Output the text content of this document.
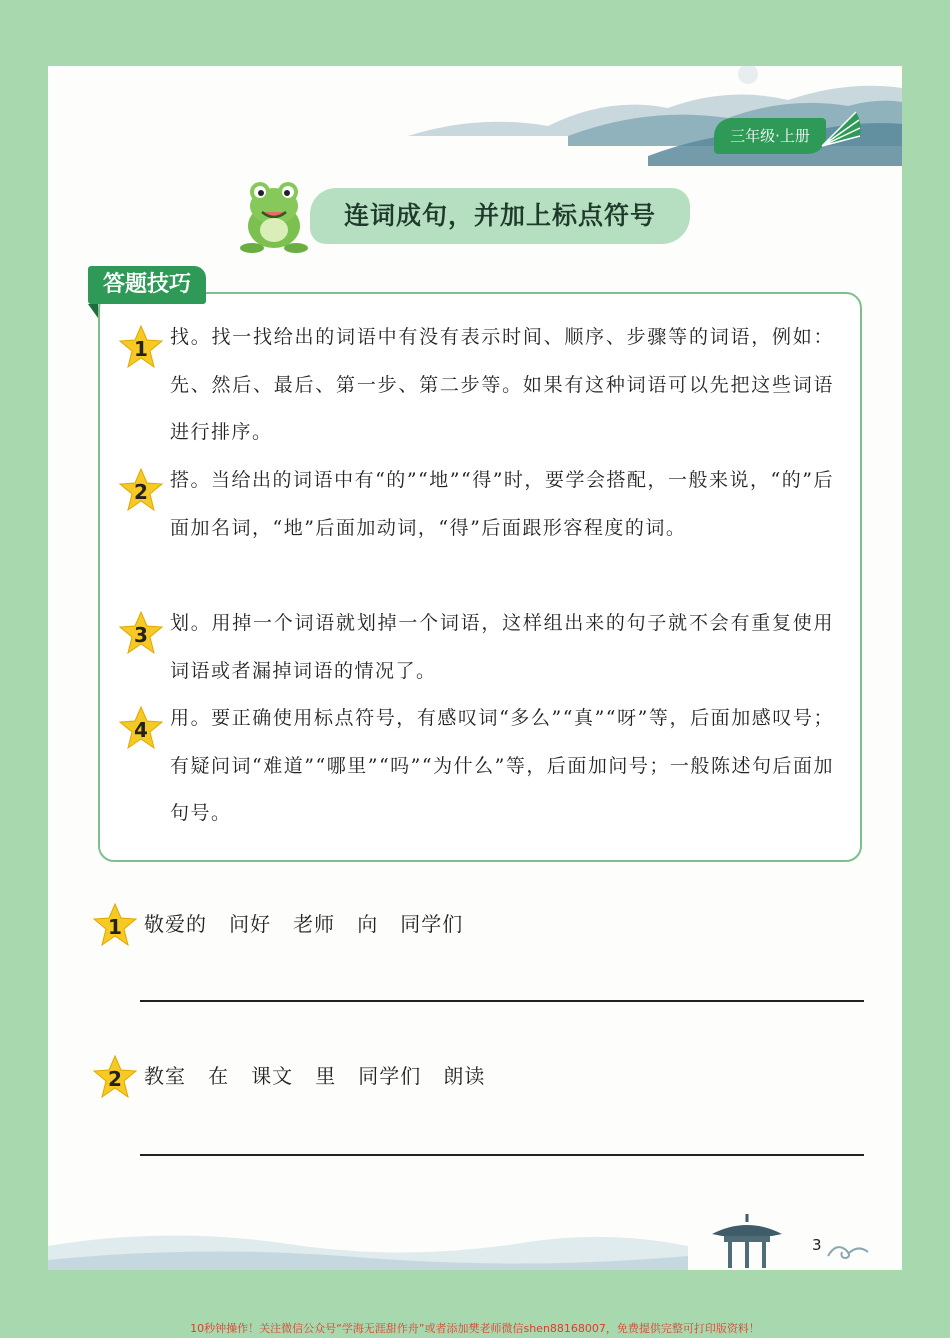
三年级·上册
连词成句，并加上标点符号
1	找。找一找给出的词语中有没有表示时间、顺序、步骤等的词语，例如：先、然后、最后、第一步、第二步等。如果有这种词语可以先把这些词语进行排序。
2	搭。当给出的词语中有“的”“地”“得”时，要学会搭配，一般来说，“的”后面加名词，“地”后面加动词，“得”后面跟形容程度的词。
3	划。用掉一个词语就划掉一个词语，这样组出来的句子就不会有重复使用词语或者漏掉词语的情况了。
4	用。要正确使用标点符号，有感叹词“多么”“真”“呀”等，后面加感叹号；有疑问词“难道”“哪里”“吗”“为什么”等，后面加问号；一般陈述句后面加句号。
答题技巧
1	敬爱的   问好   老师   向   同学们
2	教室   在   课文   里   同学们   朗读
3
10秒钟操作！关注微信公众号“学海无涯甜作舟”或者添加樊老师微信shen88168007，免费提供完整可打印版资料！
